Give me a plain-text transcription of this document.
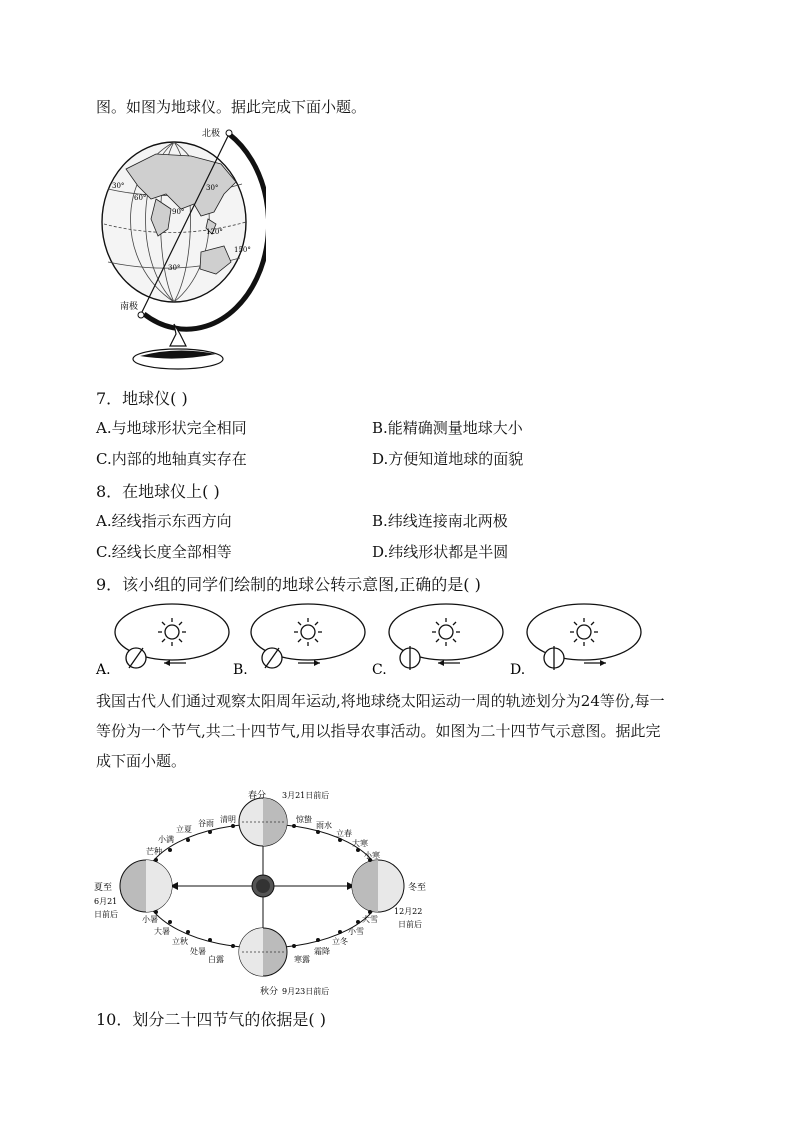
图。如图为地球仪。据此完成下面小题。
北极
南极
30°
60°
30°
30°
90°
120°
150°
7．地球仪( )
A.与地球形状完全相同	B.能精确测量地球大小
C.内部的地轴真实存在	D.方便知道地球的面貌
8．在地球仪上( )
A.经线指示东西方向	B.纬线连接南北两极
C.经线长度全部相等	D.纬线形状都是半圆
9．该小组的同学们绘制的地球公转示意图,正确的是( )
A.	B.	C.	D.
我国古代人们通过观察太阳周年运动,将地球绕太阳运动一周的轨迹划分为24等份,每一
等份为一个节气,共二十四节气,用以指导农事活动。如图为二十四节气示意图。据此完
成下面小题。
春分 3月21日前后
夏至
6月21
日前后
秋分 9月23日前后
冬至
12月22
日前后
清明
谷雨
立夏
小满
芒种
惊蛰
雨水
立春
大寒
小寒
小暑
大暑
立秋
处暑
白露
大雪
小雪
立冬
霜降
寒露
10．划分二十四节气的依据是( )
